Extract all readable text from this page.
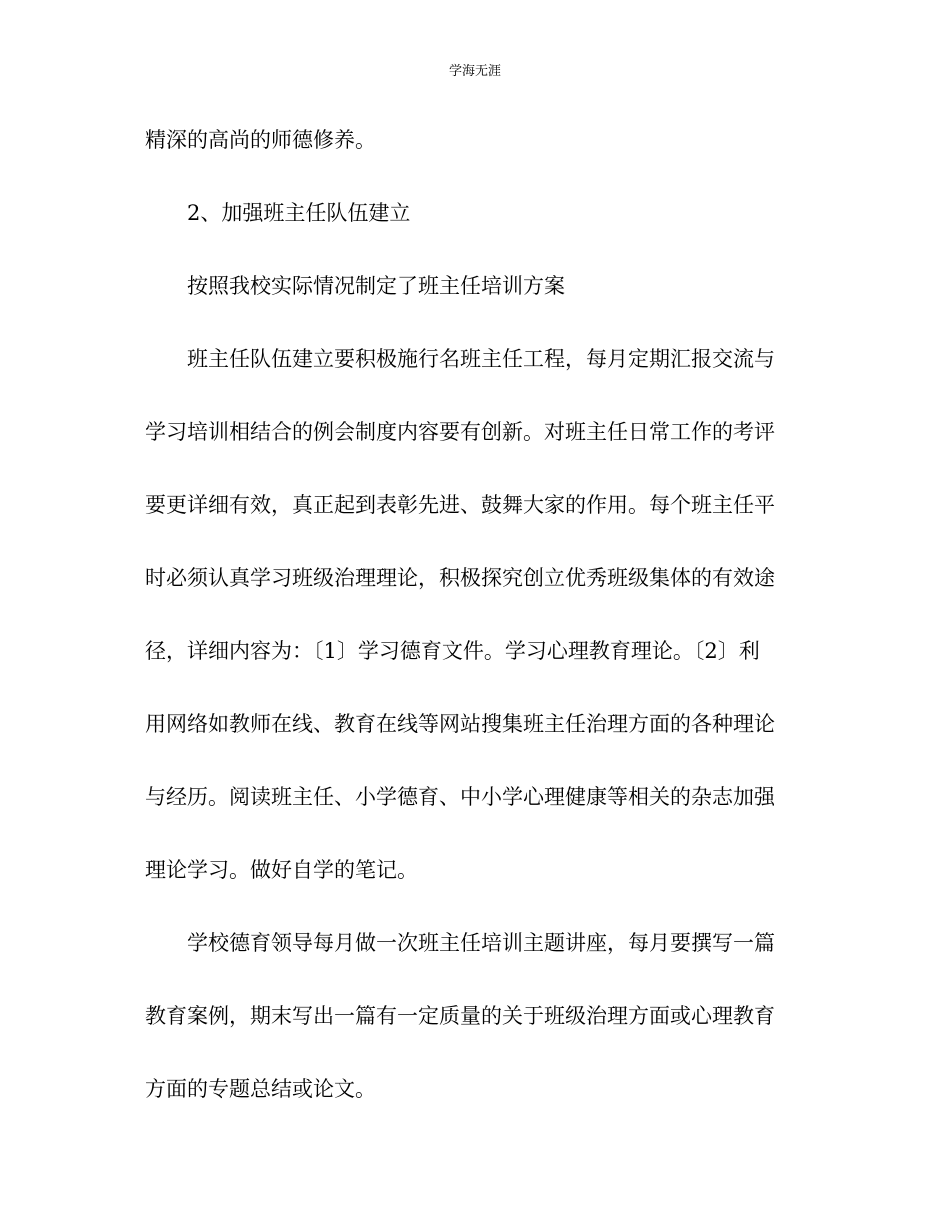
学海无涯
精深的高尚的师德修养。
2、加强班主任队伍建立
按照我校实际情况制定了班主任培训方案
班主任队伍建立要积极施行名班主任工程，每月定期汇报交流与
学习培训相结合的例会制度内容要有创新。对班主任日常工作的考评
要更详细有效，真正起到表彰先进、鼓舞大家的作用。每个班主任平
时必须认真学习班级治理理论，积极探究创立优秀班级集体的有效途
径，详细内容为：〔1〕学习德育文件。学习心理教育理论。〔2〕利
用网络如教师在线、教育在线等网站搜集班主任治理方面的各种理论
与经历。阅读班主任、小学德育、中小学心理健康等相关的杂志加强
理论学习。做好自学的笔记。
学校德育领导每月做一次班主任培训主题讲座，每月要撰写一篇
教育案例，期末写出一篇有一定质量的关于班级治理方面或心理教育
方面的专题总结或论文。
